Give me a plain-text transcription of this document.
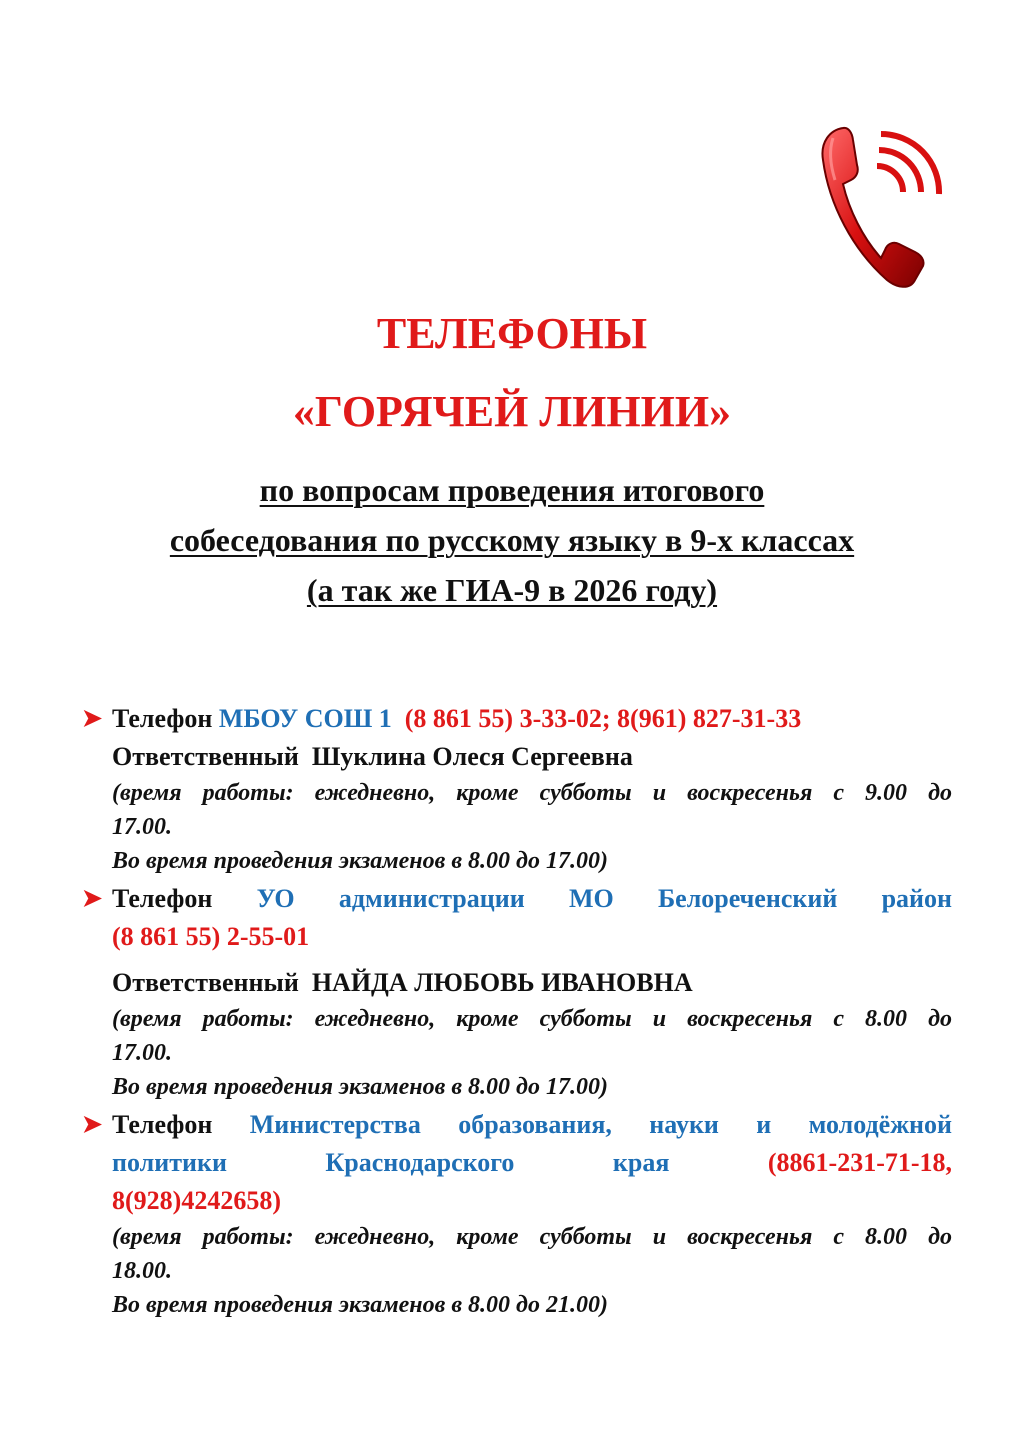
ТЕЛЕФОНЫ
«ГОРЯЧЕЙ ЛИНИИ»
по вопросам проведения итогового
собеседования по русскому языку в 9-х классах
(а так же ГИА-9 в 2026 году)
➤ Телефон МБОУ СОШ 1 (8 861 55) 3-33-02; 8(961) 827-31-33
Ответственный Шуклина Олеся Сергеевна
(время работы: ежедневно, кроме субботы и воскресенья с 9.00 до
17.00.
Во время проведения экзаменов в 8.00 до 17.00)
➤ Телефон УО администрации МО Белореченский район
(8 861 55) 2-55-01
Ответственный НАЙДА ЛЮБОВЬ ИВАНОВНА
(время работы: ежедневно, кроме субботы и воскресенья с 8.00 до
17.00.
Во время проведения экзаменов в 8.00 до 17.00)
➤ Телефон Министерства образования, науки и молодёжной
политики	Краснодарского	края	(8861-231-71-18,
8(928)4242658)
(время работы: ежедневно, кроме субботы и воскресенья с 8.00 до
18.00.
Во время проведения экзаменов в 8.00 до 21.00)
